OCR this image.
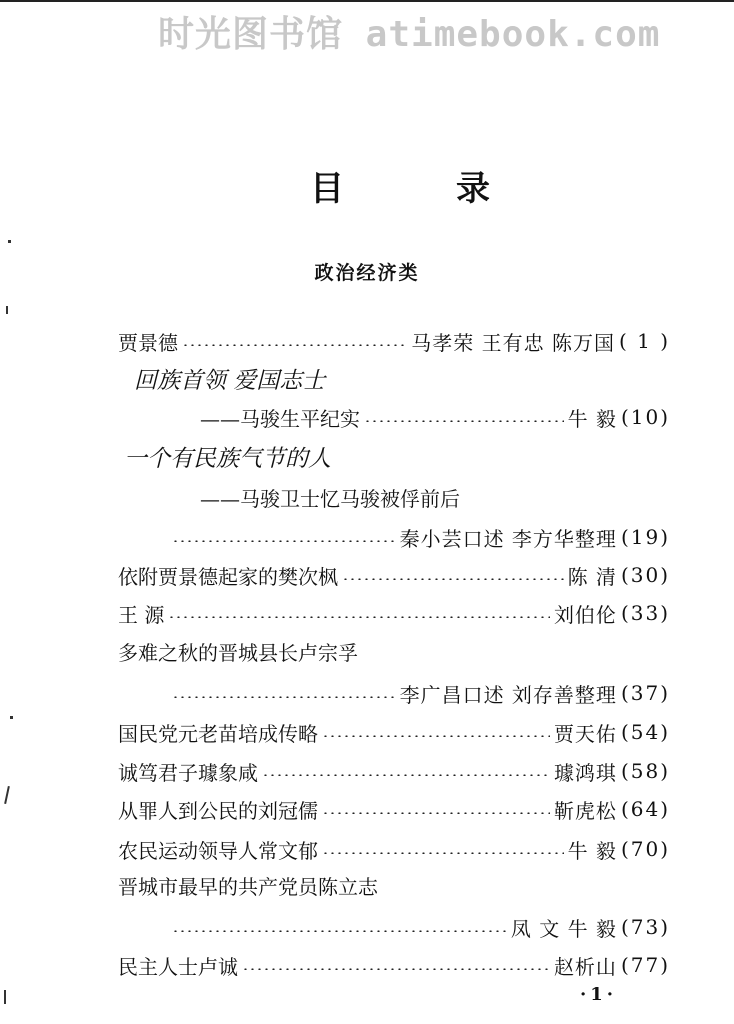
时光图书馆 atimebook.com
目	录
政治经济类
贾景德	马孝荣 王有忠 陈万国 ( 1 )
回族首领 爱国志士
——马骏生平纪实	牛 毅 (10)
一个有民族气节的人
——马骏卫士忆马骏被俘前后
秦小芸口述 李方华整理 (19)
依附贾景德起家的樊次枫	陈 清 (30)
王 源	刘伯伦 (33)
多难之秋的晋城县长卢宗孚
李广昌口述 刘存善整理 (37)
国民党元老苗培成传略	贾天佑 (54)
诚笃君子璩象咸	璩鸿琪 (58)
从罪人到公民的刘冠儒	靳虎松 (64)
农民运动领导人常文郁	牛 毅 (70)
晋城市最早的共产党员陈立志
凤 文 牛 毅 (73)
民主人士卢诚	赵析山 (77)
·1·
